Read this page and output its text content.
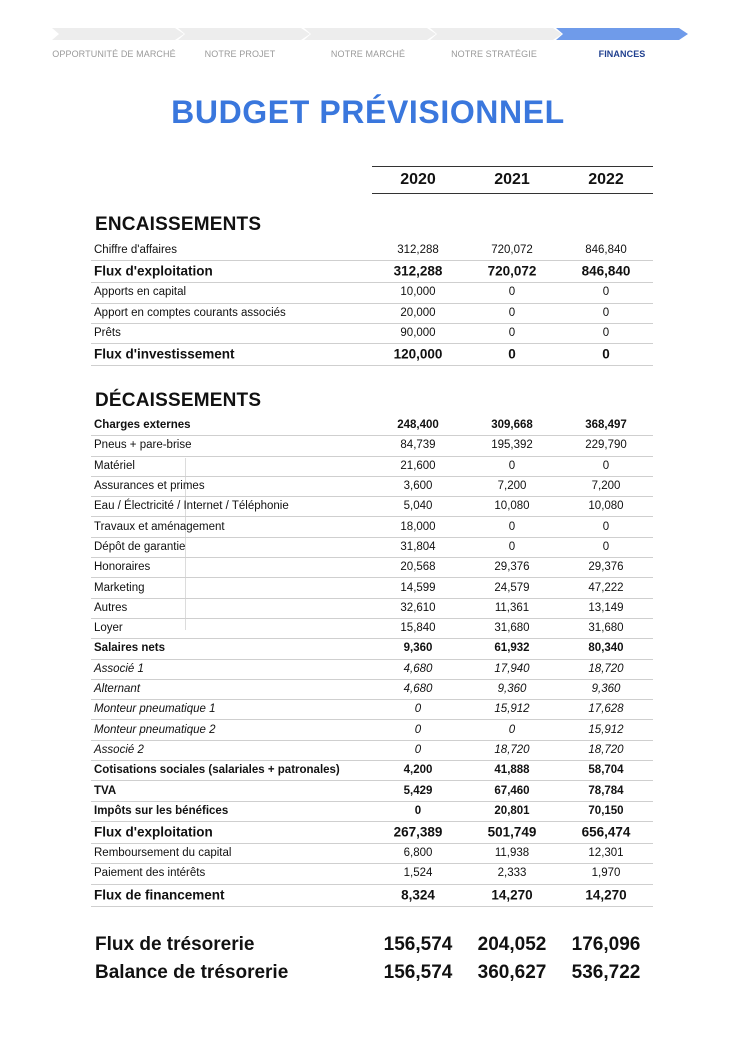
OPPORTUNITÉ DE MARCHÉ	NOTRE PROJET	NOTRE MARCHÉ	NOTRE STRATÉGIE	FINANCES
BUDGET PRÉVISIONNEL
2020	2021	2022
ENCAISSEMENTS
Chiffre d'affaires	312,288	720,072	846,840
Flux d'exploitation	312,288	720,072	846,840
Apports en capital	10,000	0	0
Apport en comptes courants associés	20,000	0	0
Prêts	90,000	0	0
Flux d'investissement	120,000	0	0
DÉCAISSEMENTS
Charges externes	248,400	309,668	368,497
Pneus + pare-brise	84,739	195,392	229,790
Matériel	21,600	0	0
Assurances et primes	3,600	7,200	7,200
Eau / Électricité / Internet / Téléphonie	5,040	10,080	10,080
Travaux et aménagement	18,000	0	0
Dépôt de garantie	31,804	0	0
Honoraires	20,568	29,376	29,376
Marketing	14,599	24,579	47,222
Autres	32,610	11,361	13,149
Loyer	15,840	31,680	31,680
Salaires nets	9,360	61,932	80,340
Associé 1	4,680	17,940	18,720
Alternant	4,680	9,360	9,360
Monteur pneumatique 1	0	15,912	17,628
Monteur pneumatique 2	0	0	15,912
Associé 2	0	18,720	18,720
Cotisations sociales (salariales + patronales)	4,200	41,888	58,704
TVA	5,429	67,460	78,784
Impôts sur les bénéfices	0	20,801	70,150
Flux d'exploitation	267,389	501,749	656,474
Remboursement du capital	6,800	11,938	12,301
Paiement des intérêts	1,524	2,333	1,970
Flux de financement	8,324	14,270	14,270
Flux de trésorerie	156,574 204,052 176,096
Balance de trésorerie	156,574 360,627 536,722
